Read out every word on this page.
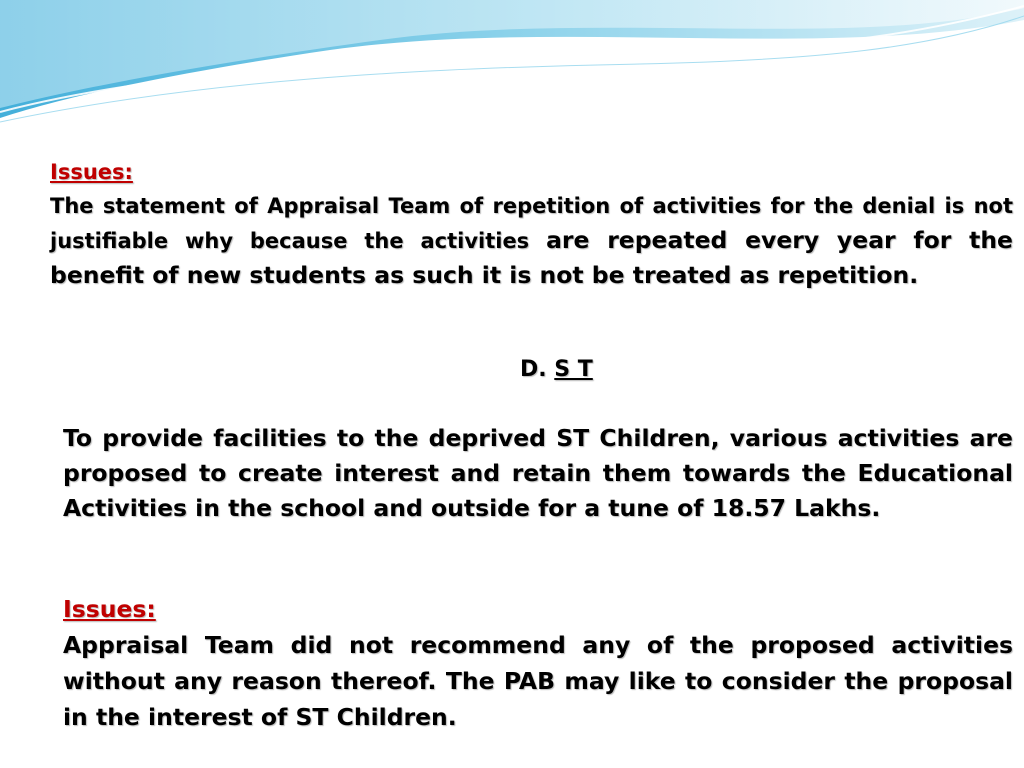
Issues:
The statement of Appraisal Team of repetition of activities for the denial is not justifiable why because the activities are repeated every year for the benefit of new students as such it is not be treated as repetition.
D. S T
To provide facilities to the deprived ST Children, various activities are proposed to create interest and retain them towards the Educational Activities in the school and outside for a tune of 18.57 Lakhs.
Issues:
Appraisal Team did not recommend any of the proposed activities without any reason thereof. The PAB may like to consider the proposal in the interest of ST Children.
